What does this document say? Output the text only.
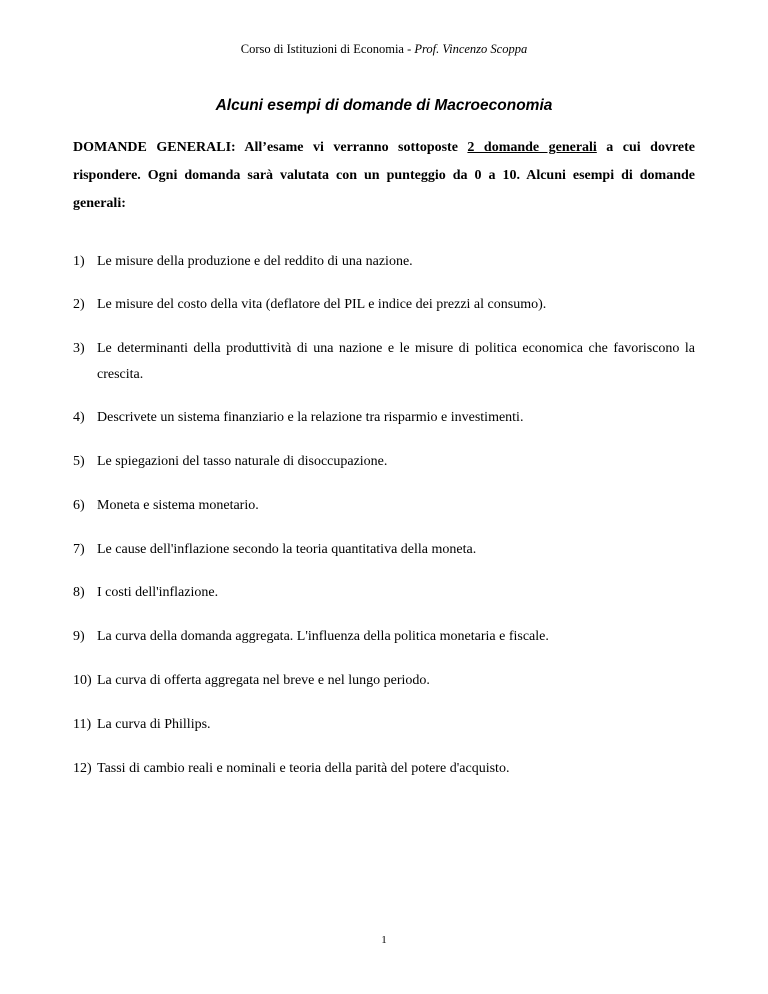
Corso di Istituzioni di Economia - Prof. Vincenzo Scoppa
Alcuni esempi di domande di Macroeconomia
DOMANDE GENERALI: All’esame vi verranno sottoposte 2 domande generali a cui dovrete rispondere. Ogni domanda sarà valutata con un punteggio da 0 a 10. Alcuni esempi di domande generali:
1) Le misure della produzione e del reddito di una nazione.
2) Le misure del costo della vita (deflatore del PIL e indice dei prezzi al consumo).
3) Le determinanti della produttività di una nazione e le misure di politica economica che favoriscono la crescita.
4) Descrivete un sistema finanziario e la relazione tra risparmio e investimenti.
5) Le spiegazioni del tasso naturale di disoccupazione.
6) Moneta e sistema monetario.
7) Le cause dell'inflazione secondo la teoria quantitativa della moneta.
8) I costi dell'inflazione.
9) La curva della domanda aggregata. L'influenza della politica monetaria e fiscale.
10) La curva di offerta aggregata nel breve e nel lungo periodo.
11) La curva di Phillips.
12) Tassi di cambio reali e nominali e teoria della parità del potere d'acquisto.
1
